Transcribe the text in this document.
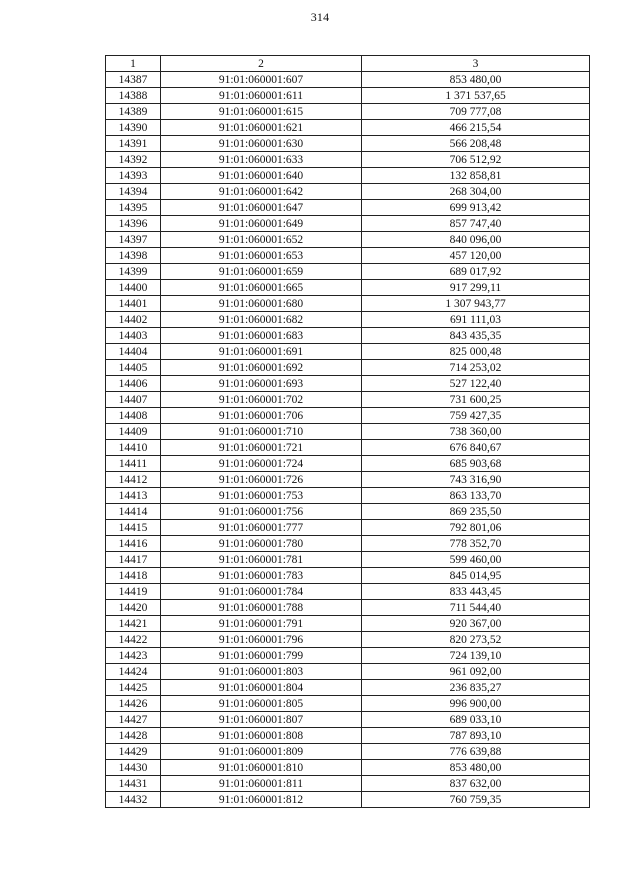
314
1	2	3
14387	91:01:060001:607	853 480,00
14388	91:01:060001:611	1 371 537,65
14389	91:01:060001:615	709 777,08
14390	91:01:060001:621	466 215,54
14391	91:01:060001:630	566 208,48
14392	91:01:060001:633	706 512,92
14393	91:01:060001:640	132 858,81
14394	91:01:060001:642	268 304,00
14395	91:01:060001:647	699 913,42
14396	91:01:060001:649	857 747,40
14397	91:01:060001:652	840 096,00
14398	91:01:060001:653	457 120,00
14399	91:01:060001:659	689 017,92
14400	91:01:060001:665	917 299,11
14401	91:01:060001:680	1 307 943,77
14402	91:01:060001:682	691 111,03
14403	91:01:060001:683	843 435,35
14404	91:01:060001:691	825 000,48
14405	91:01:060001:692	714 253,02
14406	91:01:060001:693	527 122,40
14407	91:01:060001:702	731 600,25
14408	91:01:060001:706	759 427,35
14409	91:01:060001:710	738 360,00
14410	91:01:060001:721	676 840,67
14411	91:01:060001:724	685 903,68
14412	91:01:060001:726	743 316,90
14413	91:01:060001:753	863 133,70
14414	91:01:060001:756	869 235,50
14415	91:01:060001:777	792 801,06
14416	91:01:060001:780	778 352,70
14417	91:01:060001:781	599 460,00
14418	91:01:060001:783	845 014,95
14419	91:01:060001:784	833 443,45
14420	91:01:060001:788	711 544,40
14421	91:01:060001:791	920 367,00
14422	91:01:060001:796	820 273,52
14423	91:01:060001:799	724 139,10
14424	91:01:060001:803	961 092,00
14425	91:01:060001:804	236 835,27
14426	91:01:060001:805	996 900,00
14427	91:01:060001:807	689 033,10
14428	91:01:060001:808	787 893,10
14429	91:01:060001:809	776 639,88
14430	91:01:060001:810	853 480,00
14431	91:01:060001:811	837 632,00
14432	91:01:060001:812	760 759,35
